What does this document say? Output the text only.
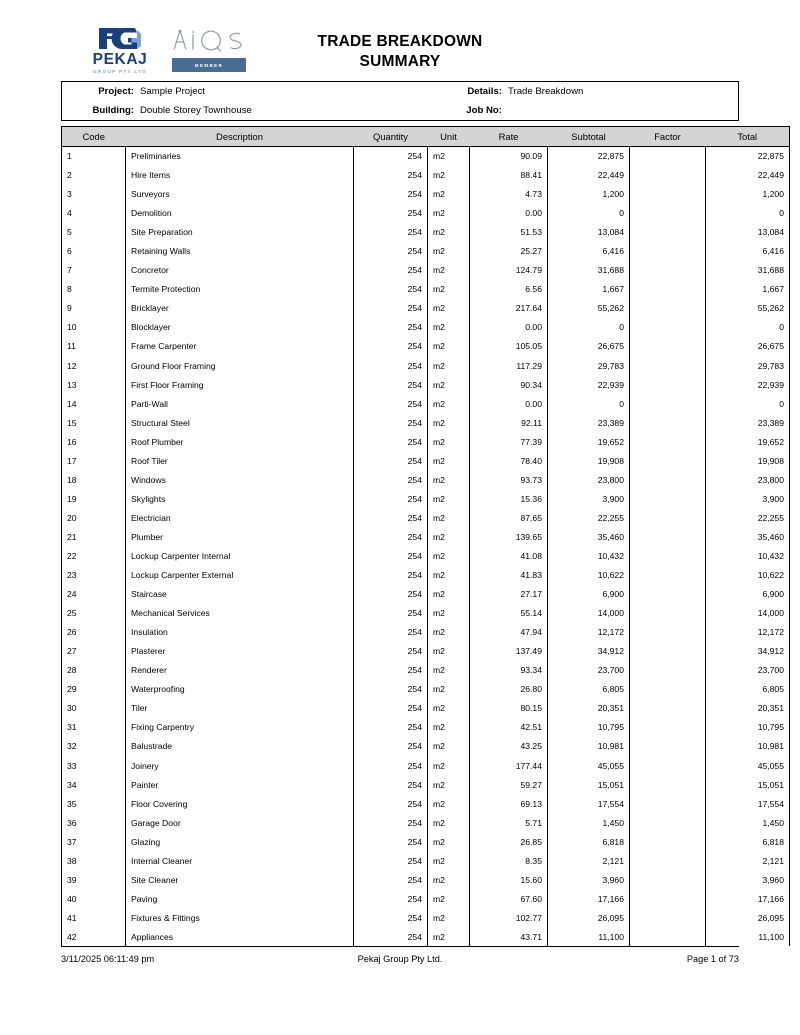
PEKAJ
GROUP PTY LTD
MEMBER
TRADE BREAKDOWN
SUMMARY
Project: Sample Project
Building: Double Storey Townhouse
Details: Trade Breakdown
Job No:
Code	Description	Quantity	Unit	Rate	Subtotal	Factor	Total
1	Preliminaries	254	m2	90.09	22,875		22,875
2	Hire Items	254	m2	88.41	22,449		22,449
3	Surveyors	254	m2	4.73	1,200		1,200
4	Demolition	254	m2	0.00	0		0
5	Site Preparation	254	m2	51.53	13,084		13,084
6	Retaining Walls	254	m2	25.27	6,416		6,416
7	Concretor	254	m2	124.79	31,688		31,688
8	Termite Protection	254	m2	6.56	1,667		1,667
9	Bricklayer	254	m2	217.64	55,262		55,262
10	Blocklayer	254	m2	0.00	0		0
11	Frame Carpenter	254	m2	105.05	26,675		26,675
12	Ground Floor Framing	254	m2	117.29	29,783		29,783
13	First Floor Framing	254	m2	90.34	22,939		22,939
14	Parti-Wall	254	m2	0.00	0		0
15	Structural Steel	254	m2	92.11	23,389		23,389
16	Roof Plumber	254	m2	77.39	19,652		19,652
17	Roof Tiler	254	m2	78.40	19,908		19,908
18	Windows	254	m2	93.73	23,800		23,800
19	Skylights	254	m2	15.36	3,900		3,900
20	Electrician	254	m2	87.65	22,255		22,255
21	Plumber	254	m2	139.65	35,460		35,460
22	Lockup Carpenter Internal	254	m2	41.08	10,432		10,432
23	Lockup Carpenter External	254	m2	41.83	10,622		10,622
24	Staircase	254	m2	27.17	6,900		6,900
25	Mechanical Services	254	m2	55.14	14,000		14,000
26	Insulation	254	m2	47.94	12,172		12,172
27	Plasterer	254	m2	137.49	34,912		34,912
28	Renderer	254	m2	93.34	23,700		23,700
29	Waterproofing	254	m2	26.80	6,805		6,805
30	Tiler	254	m2	80.15	20,351		20,351
31	Fixing Carpentry	254	m2	42.51	10,795		10,795
32	Balustrade	254	m2	43.25	10,981		10,981
33	Joinery	254	m2	177.44	45,055		45,055
34	Painter	254	m2	59.27	15,051		15,051
35	Floor Covering	254	m2	69.13	17,554		17,554
36	Garage Door	254	m2	5.71	1,450		1,450
37	Glazing	254	m2	26.85	6,818		6,818
38	Internal Cleaner	254	m2	8.35	2,121		2,121
39	Site Cleaner	254	m2	15.60	3,960		3,960
40	Paving	254	m2	67.60	17,166		17,166
41	Fixtures & Fittings	254	m2	102.77	26,095		26,095
42	Appliances	254	m2	43.71	11,100		11,100
3/11/2025 06:11:49 pm	Pekaj Group Pty Ltd.	Page 1 of 73
